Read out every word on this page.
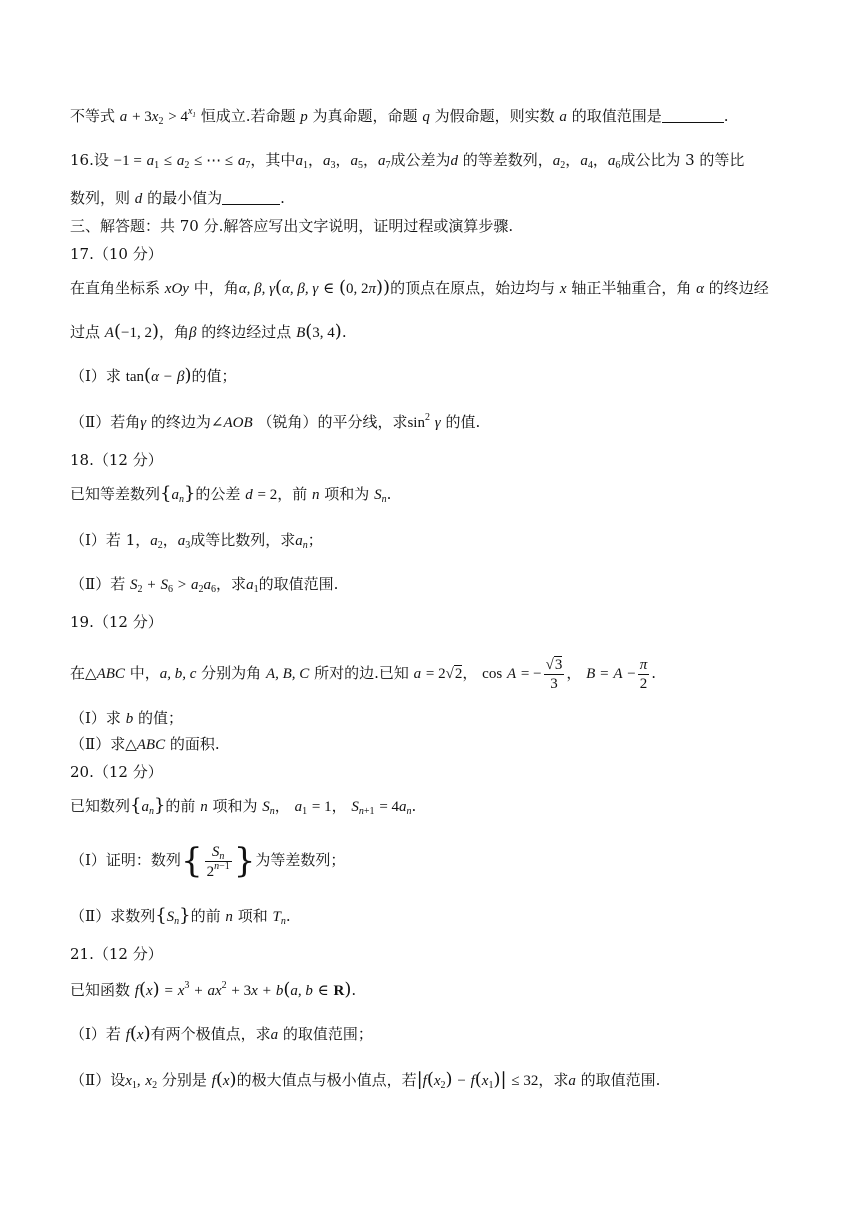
不等式 $a + 3x_2 > 4^{x_1}$ 恒成立.若命题 p 为真命题，命题 q 为假命题，则实数 a 的取值范围是	.
16.设 $-1 = a_1 \le a_2$ ≤ ⋯ ≤ $a_7$，其中$a_1$，$a_3$，$a_5$，$a_7$成公差为d 的等差数列，$a_2$，$a_4$，$a_6$成公比为 3 的等比
数列，则 d 的最小值为	.
三、解答题：共 70 分.解答应写出文字说明，证明过程或演算步骤.
17.（10 分）
在直角坐标系 xOy 中，角α, β, γ(α, β, γ ∈ (0, 2π))的顶点在原点，始边均与 x 轴正半轴重合，角 α 的终边经
过点 A(−1, 2)，角β 的终边经过点 B(3, 4).
（Ⅰ）求 tan(α − β)的值；
（Ⅱ）若角γ 的终边为∠AOB （锐角）的平分线，求$\sin^2 \gamma$ 的值.
18.（12 分）
已知等差数列$\{a_n\}$的公差 d = 2，前 n 项和为 $S_n$.
（Ⅰ）若 1，$a_2$，$a_3$成等比数列，求$a_n$；
（Ⅱ）若 $S_2 + S_6 > a_2a_6$，求$a_1$的取值范围.
19.（12 分）
在△ABC 中，a, b, c 分别为角 A, B, C 所对的边.已知 a = 2√2， cos A = − $\frac{√3}{3}$ ， $B = A - \frac{\pi}{2}$ .
（Ⅰ）求 b 的值；
（Ⅱ）求△ABC 的面积.
20.（12 分）
已知数列$\{a_n\}$的前 n 项和为 $S_n$， $a_1 = 1$， $S_{n+1} = 4a_n$.
（Ⅰ）证明：数列{ $\frac{S_n}{2^{n-1}}$ }为等差数列；
（Ⅱ）求数列$\{S_n\}$的前 n 项和 $T_n$.
21.（12 分）
已知函数 $f(x) = x^3 + ax^2 + 3x + b(a$, b ∈ R).
（Ⅰ）若 f(x)有两个极值点，求a 的取值范围；
（Ⅱ）设$x_1$, $x_2$ 分别是 f(x)的极大值点与极小值点，若$|f(x_2) - f(x_1)| \le 32$，求a 的取值范围.
